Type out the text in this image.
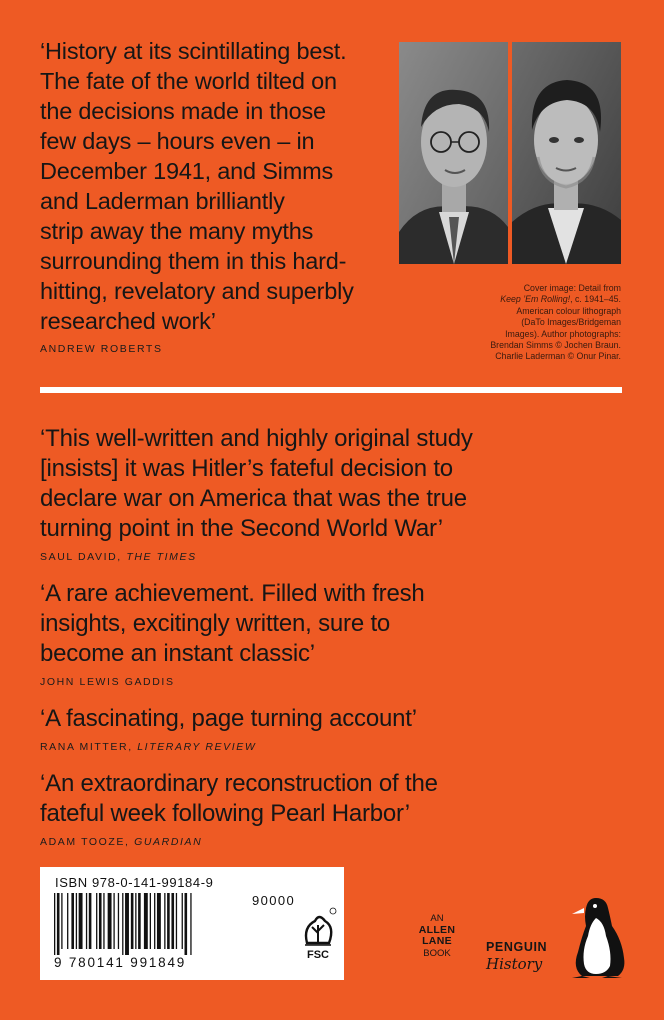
‘History at its scintillating best.
The fate of the world tilted on
the decisions made in those
few days – hours even – in
December 1941, and Simms
and Laderman brilliantly
strip away the many myths
surrounding them in this hard-
hitting, revelatory and superbly
researched work’
ANDREW ROBERTS
Cover image: Detail from
Keep ’Em Rolling!, c. 1941–45.
American colour lithograph
(DaTo Images/Bridgeman
Images). Author photographs:
Brendan Simms © Jochen Braun.
Charlie Laderman © Onur Pinar.
‘This well-written and highly original study
[insists] it was Hitler’s fateful decision to
declare war on America that was the true
turning point in the Second World War’
SAUL DAVID, THE TIMES
‘A rare achievement. Filled with fresh
insights, excitingly written, sure to
become an instant classic’
JOHN LEWIS GADDIS
‘A fascinating, page turning account’
RANA MITTER, LITERARY REVIEW
‘An extraordinary reconstruction of the
fateful week following Pearl Harbor’
ADAM TOOZE, GUARDIAN
ISBN 978-0-141-99184-9
9 780141 991849
90000
FSC
AN
ALLEN
LANE
BOOK	PENGUIN
History
